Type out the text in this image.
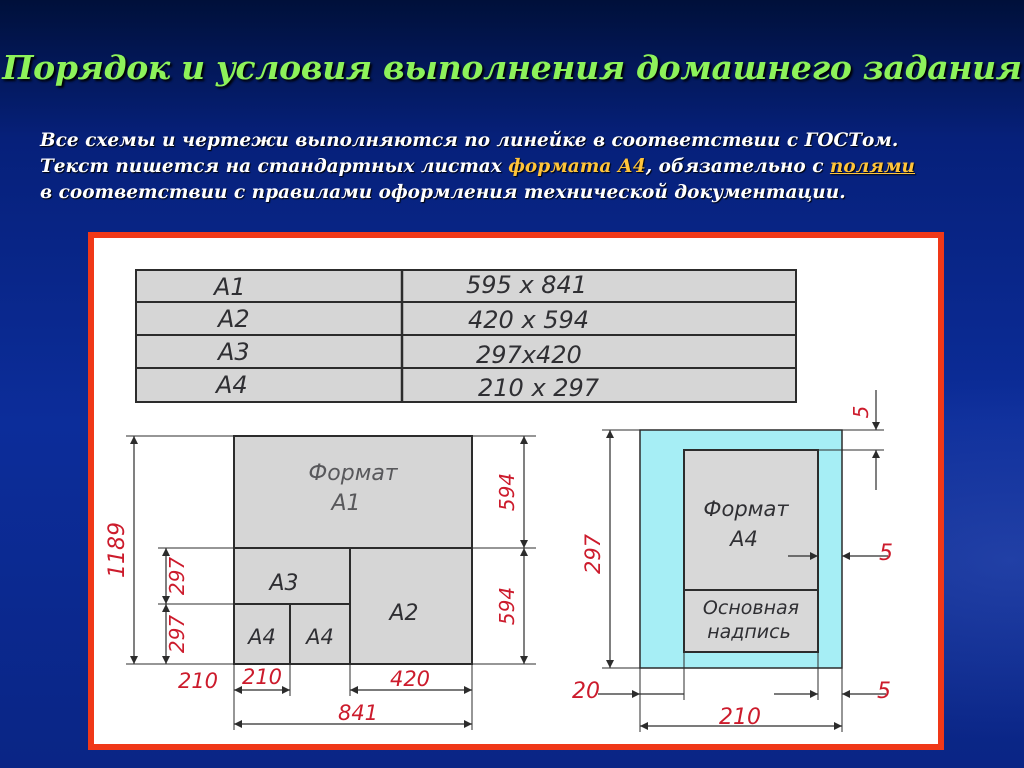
Порядок и условия выполнения домашнего задания
Все схемы и чертежи выполняются по линейке в соответствии с ГОСТом.
Текст пишется на стандартных листах формата А4, обязательно с полями
в соответствии с правилами оформления технической документации.
A1	595 x 841
A2	420 x 594
A3	297x420
A4	210 x 297
Формат
A1
A2
A3
A4 A4
1189 297
297
594
594
210 210	420
841
Формат
A4
Основная
надпись
297
210
20	5
5
5
